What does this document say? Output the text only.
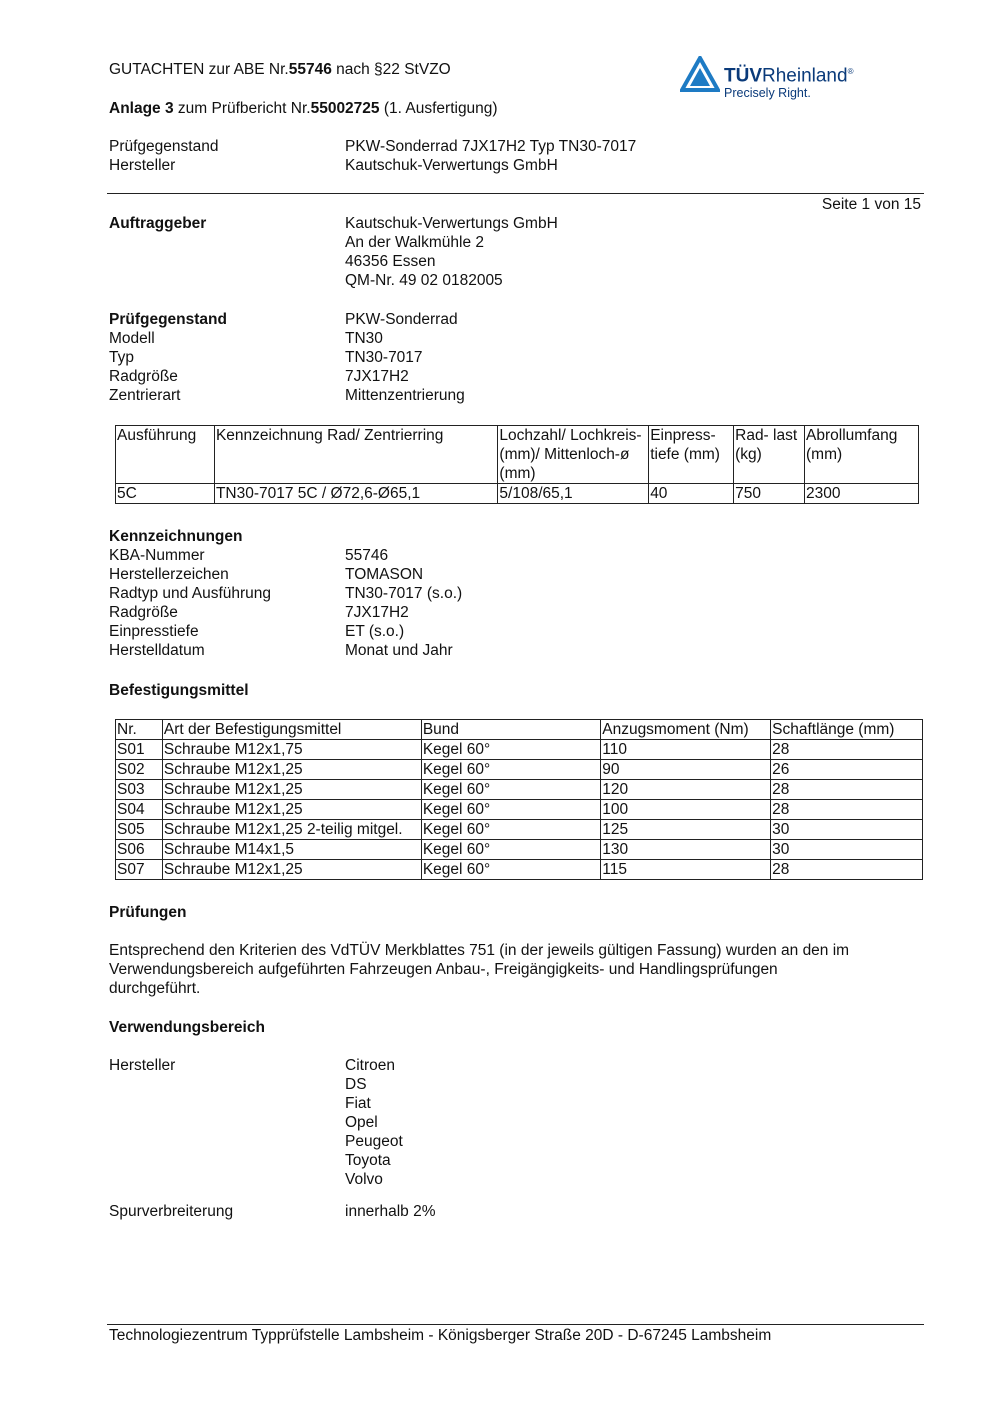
GUTACHTEN zur ABE Nr.55746 nach §22 StVZO
Anlage 3 zum Prüfbericht Nr.55002725 (1. Ausfertigung)
TÜVRheinland®
Precisely Right.
Prüfgegenstand	PKW-Sonderrad 7JX17H2 Typ TN30-7017
Hersteller	Kautschuk-Verwertungs GmbH
Seite 1 von 15
Auftraggeber	Kautschuk-Verwertungs GmbH
An der Walkmühle 2
46356 Essen
QM-Nr. 49 02 0182005
Prüfgegenstand	PKW-Sonderrad
Modell	TN30
Typ	TN30-7017
Radgröße	7JX17H2
Zentrierart	Mittenzentrierung
Ausführung	Kennzeichnung Rad/ Zentrierring	Lochzahl/ Lochkreis- (mm)/ Mittenloch-ø (mm)	Einpress-tiefe (mm)	Rad- last (kg)	Abrollumfang (mm)
5C	TN30-7017 5C / Ø72,6-Ø65,1	5/108/65,1	40	750	2300
Kennzeichnungen
KBA-Nummer	55746
Herstellerzeichen	TOMASON
Radtyp und Ausführung	TN30-7017 (s.o.)
Radgröße	7JX17H2
Einpresstiefe	ET (s.o.)
Herstelldatum	Monat und Jahr
Befestigungsmittel
Nr.	Art der Befestigungsmittel	Bund	Anzugsmoment (Nm)	Schaftlänge (mm)
S01	Schraube M12x1,75	Kegel 60°	110	28
S02	Schraube M12x1,25	Kegel 60°	90	26
S03	Schraube M12x1,25	Kegel 60°	120	28
S04	Schraube M12x1,25	Kegel 60°	100	28
S05	Schraube M12x1,25 2-teilig mitgel.	Kegel 60°	125	30
S06	Schraube M14x1,5	Kegel 60°	130	30
S07	Schraube M12x1,25	Kegel 60°	115	28
Prüfungen
Entsprechend den Kriterien des VdTÜV Merkblattes 751 (in der jeweils gültigen Fassung) wurden an den im
Verwendungsbereich aufgeführten Fahrzeugen Anbau-, Freigängigkeits- und Handlingsprüfungen
durchgeführt.
Verwendungsbereich
Hersteller	Citroen
DS
Fiat
Opel
Peugeot
Toyota
Volvo
Spurverbreiterung	innerhalb 2%
Technologiezentrum Typprüfstelle Lambsheim - Königsberger Straße 20D - D-67245 Lambsheim
